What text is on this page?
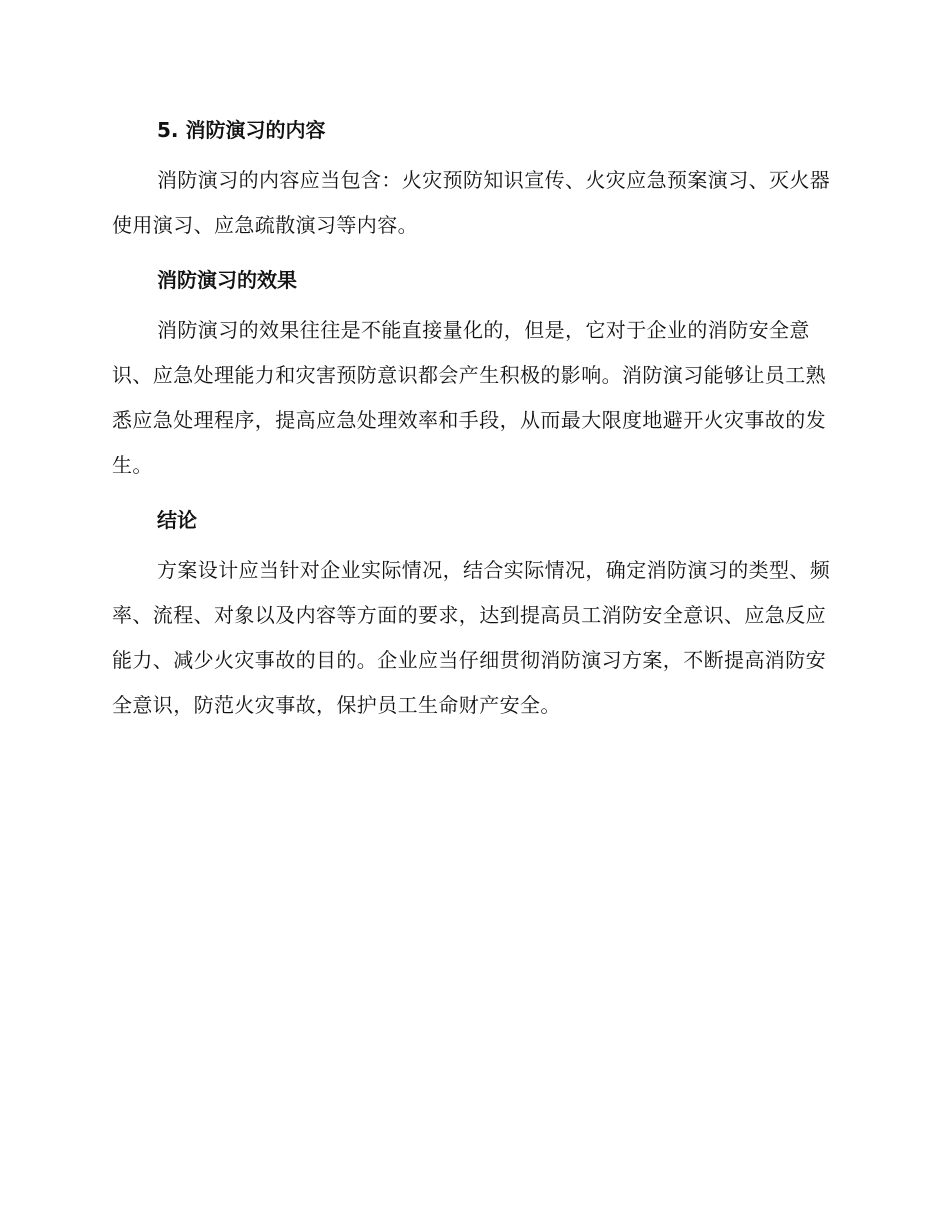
5. 消防演习的内容

消防演习的内容应当包含：火灾预防知识宣传、火灾应急预案演习、灭火器使用演习、应急疏散演习等内容。

消防演习的效果

消防演习的效果往往是不能直接量化的，但是，它对于企业的消防安全意识、应急处理能力和灾害预防意识都会产生积极的影响。消防演习能够让员工熟悉应急处理程序，提高应急处理效率和手段，从而最大限度地避开火灾事故的发生。

结论

方案设计应当针对企业实际情况，结合实际情况，确定消防演习的类型、频率、流程、对象以及内容等方面的要求，达到提高员工消防安全意识、应急反应能力、减少火灾事故的目的。企业应当仔细贯彻消防演习方案，不断提高消防安全意识，防范火灾事故，保护员工生命财产安全。
